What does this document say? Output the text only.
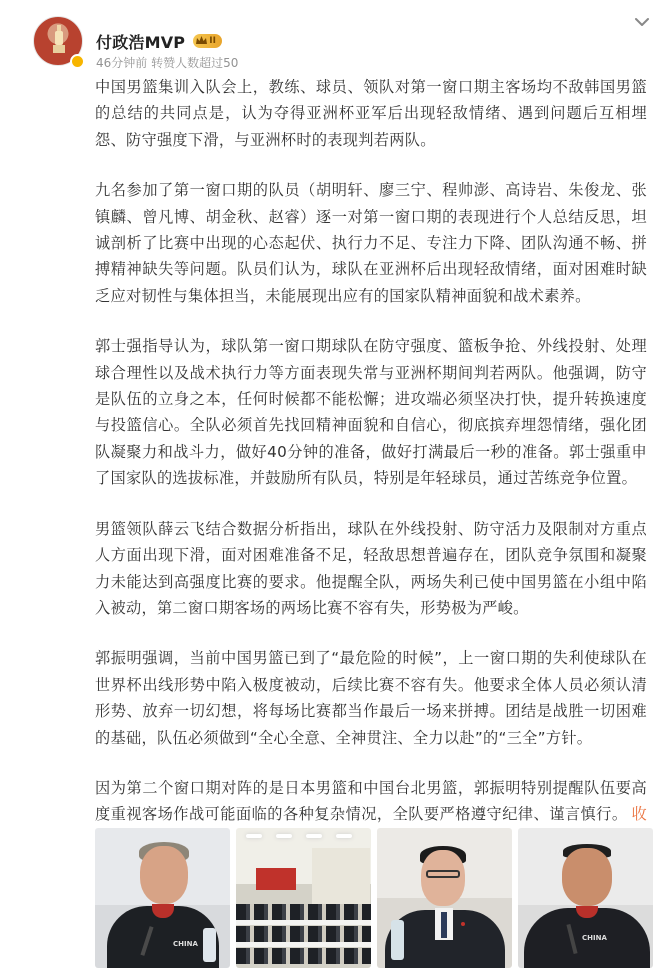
付政浩MVP	II
46分钟前 转赞人数超过50

中国男篮集训入队会上，教练、球员、领队对第一窗口期主客场均不敌韩国男篮的总结的共同点是，认为夺得亚洲杯亚军后出现轻敌情绪、遇到问题后互相埋怨、防守强度下滑，与亚洲杯时的表现判若两队。

九名参加了第一窗口期的队员（胡明轩、廖三宁、程帅澎、高诗岩、朱俊龙、张镇麟、曾凡博、胡金秋、赵睿）逐一对第一窗口期的表现进行个人总结反思，坦诚剖析了比赛中出现的心态起伏、执行力不足、专注力下降、团队沟通不畅、拼搏精神缺失等问题。队员们认为，球队在亚洲杯后出现轻敌情绪，面对困难时缺乏应对韧性与集体担当，未能展现出应有的国家队精神面貌和战术素养。

郭士强指导认为，球队第一窗口期球队在防守强度、篮板争抢、外线投射、处理球合理性以及战术执行力等方面表现失常与亚洲杯期间判若两队。他强调，防守是队伍的立身之本，任何时候都不能松懈；进攻端必须坚决打快，提升转换速度与投篮信心。全队必须首先找回精神面貌和自信心，彻底摈弃埋怨情绪，强化团队凝聚力和战斗力，做好40分钟的准备，做好打满最后一秒的准备。郭士强重申了国家队的选拔标准，并鼓励所有队员，特别是年轻球员，通过苦练竞争位置。

男篮领队薛云飞结合数据分析指出，球队在外线投射、防守活力及限制对方重点人方面出现下滑，面对困难准备不足，轻敌思想普遍存在，团队竞争氛围和凝聚力未能达到高强度比赛的要求。他提醒全队，两场失利已使中国男篮在小组中陷入被动，第二窗口期客场的两场比赛不容有失，形势极为严峻。

郭振明强调，当前中国男篮已到了“最危险的时候”，上一窗口期的失利使球队在世界杯出线形势中陷入极度被动，后续比赛不容有失。他要求全体人员必须认清形势、放弃一切幻想，将每场比赛都当作最后一场来拼搏。团结是战胜一切困难的基础，队伍必须做到“全心全意、全神贯注、全力以赴”的“三全”方针。

因为第二个窗口期对阵的是日本男篮和中国台北男篮，郭振明特别提醒队伍要高度重视客场作战可能面临的各种复杂情况，全队要严格遵守纪律、谨言慎行。 收

CHINA
CHINA
